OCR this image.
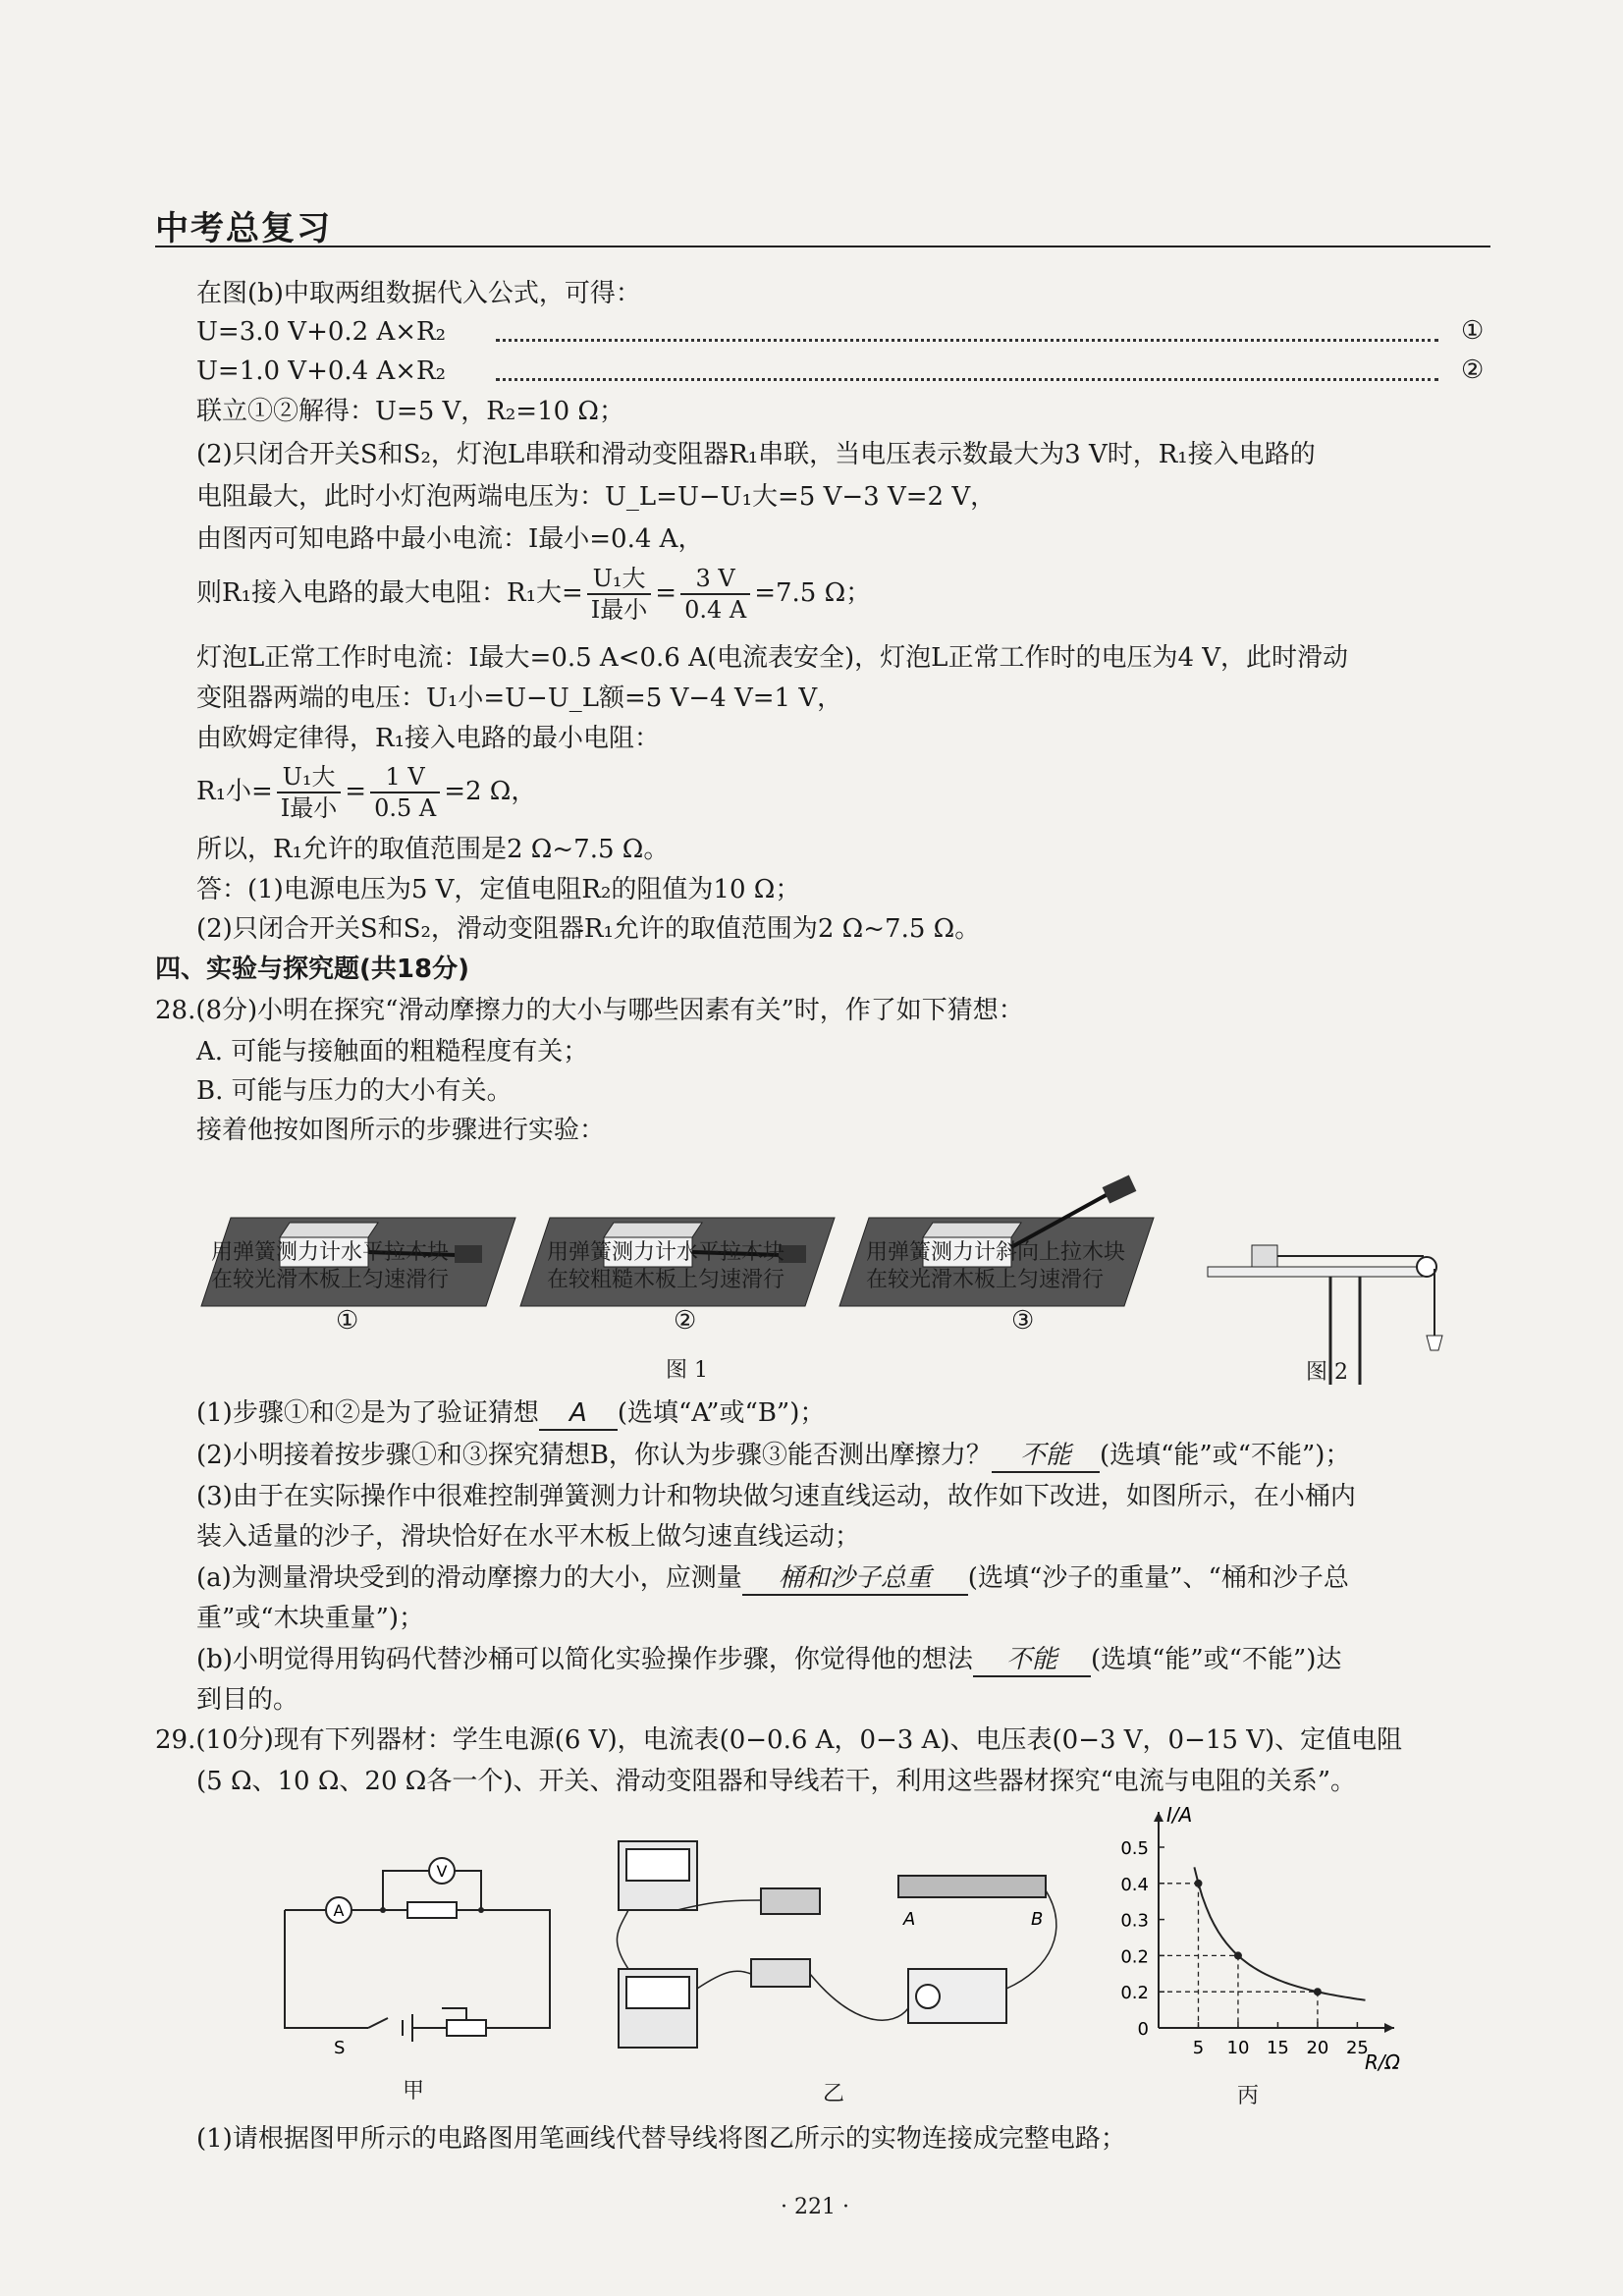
中考总复习
在图(b)中取两组数据代入公式，可得：
U=3.0 V+0.2 A×R₂	①
U=1.0 V+0.4 A×R₂	②
联立①②解得：U=5 V，R₂=10 Ω；
(2)只闭合开关S和S₂，灯泡L串联和滑动变阻器R₁串联，当电压表示数最大为3 V时，R₁接入电路的
电阻最大，此时小灯泡两端电压为：U_L=U−U₁大=5 V−3 V=2 V，
由图丙可知电路中最小电流：I最小=0.4 A，
则R₁接入电路的最大电阻：R₁大= $\frac{\text{U₁大}}{\text{I最小}} = \frac{3 V}{0.4 A} =7.5$ Ω；
灯泡L正常工作时电流：I最大=0.5 A<0.6 A(电流表安全)，灯泡L正常工作时的电压为4 V，此时滑动
变阻器两端的电压：U₁小=U−U_L额=5 V−4 V=1 V，
由欧姆定律得，R₁接入电路的最小电阻：
R₁小= $\frac{\text{U₁大}}{\text{I最小}} = \frac{1 V}{0.5 A} =2$ Ω，
所以，R₁允许的取值范围是2 Ω~7.5 Ω。
答：(1)电源电压为5 V，定值电阻R₂的阻值为10 Ω；
(2)只闭合开关S和S₂，滑动变阻器R₁允许的取值范围为2 Ω~7.5 Ω。
四、实验与探究题(共18分)
28.(8分)小明在探究“滑动摩擦力的大小与哪些因素有关”时，作了如下猜想：
A. 可能与接触面的粗糙程度有关；
B. 可能与压力的大小有关。
接着他按如图所示的步骤进行实验：
用弹簧测力计水平拉木块
在较光滑木板上匀速滑行
用弹簧测力计水平拉木块
在较粗糙木板上匀速滑行
用弹簧测力计斜向上拉木块
在较光滑木板上匀速滑行
①	②	③
图 1	图 2
(1)步骤①和②是为了验证猜想 A (选填“A”或“B”)；
(2)小明接着按步骤①和③探究猜想B，你认为步骤③能否测出摩擦力？ 不能 (选填“能”或“不能”)；
(3)由于在实际操作中很难控制弹簧测力计和物块做匀速直线运动，故作如下改进，如图所示，在小桶内
装入适量的沙子，滑块恰好在水平木板上做匀速直线运动；
(a)为测量滑块受到的滑动摩擦力的大小，应测量 桶和沙子总重 (选填“沙子的重量”、“桶和沙子总
重”或“木块重量”)；
(b)小明觉得用钩码代替沙桶可以简化实验操作步骤，你觉得他的想法 不能 (选填“能”或“不能”)达
到目的。
29.(10分)现有下列器材：学生电源(6 V)，电流表(0−0.6 A，0−3 A)、电压表(0−3 V，0−15 V)、定值电阻
(5 Ω、10 Ω、20 Ω各一个)、开关、滑动变阻器和导线若干，利用这些器材探究“电流与电阻的关系”。
A
V
S
甲
A	B
乙
I/A
R/Ω
0
0.2
0.2
0.3
0.4
0.5
5 10 15 20 25
丙
(1)请根据图甲所示的电路图用笔画线代替导线将图乙所示的实物连接成完整电路；
· 221 ·
